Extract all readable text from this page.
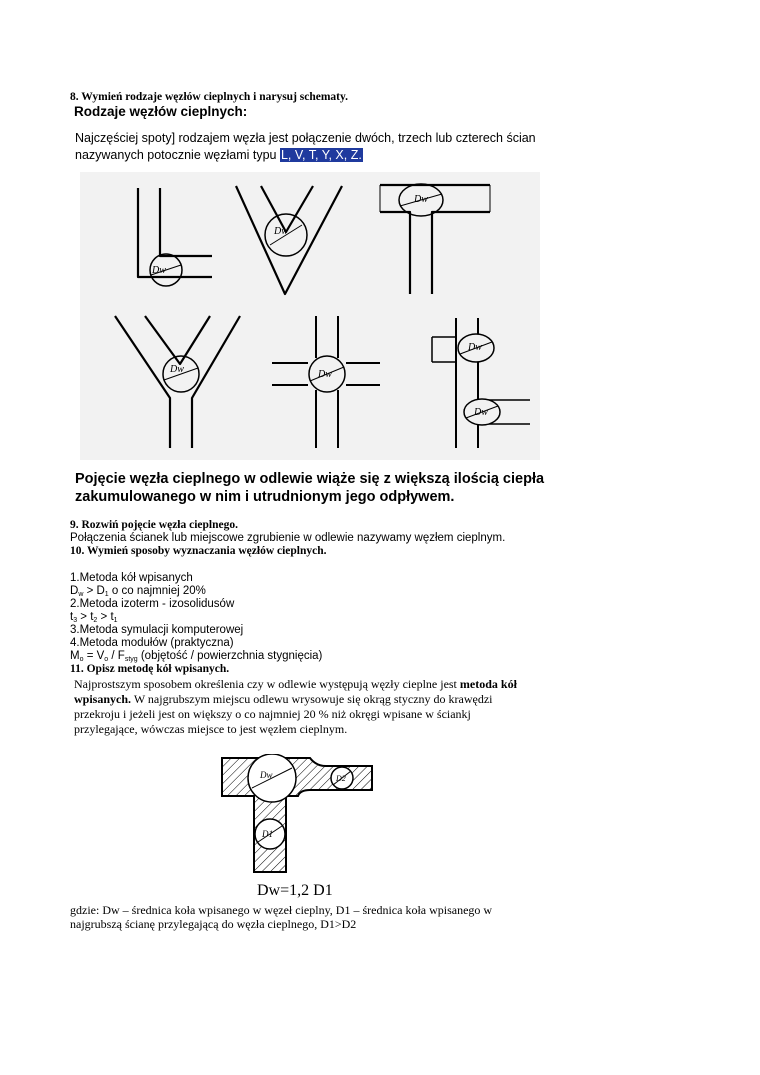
8. Wymień rodzaje węzłów cieplnych i narysuj schematy.
Rodzaje węzłów cieplnych:
Najczęściej spoty] rodzajem węzła jest połączenie dwóch, trzech lub czterech ścian
nazywanych potocznie węzłami typu L, V, T, Y, X, Z.
Dw
Dw
Dw
Dw	Dw
Dw
Dw
Pojęcie węzła cieplnego w odlewie wiąże się z większą ilością ciepła
zakumulowanego w nim i utrudnionym jego odpływem.
9. Rozwiń pojęcie węzła cieplnego.
Połączenia ścianek lub miejscowe zgrubienie w odlewie nazywamy węzłem cieplnym.
10. Wymień sposoby wyznaczania węzłów cieplnych.
1.Metoda kół wpisanych
$D_w > D_1$ o co najmniej 20%
2.Metoda izoterm - izosolidusów
$t_3 > t_2 > t_1$
3.Metoda symulacji komputerowej
4.Metoda modułów (praktyczna)
$M_o = V_o / F_{styg}$ (objętość / powierzchnia stygnięcia)
11. Opisz metodę kół wpisanych.
Najprostszym sposobem określenia czy w odlewie występują węzły cieplne jest metoda kół
wpisanych. W najgrubszym miejscu odlewu wrysowuje się okrąg styczny do krawędzi
przekroju i jeżeli jest on większy o co najmniej 20 % niż okręgi wpisane w ściankj
przylegające, wówczas miejsce to jest węzłem cieplnym.
Dw
D1
D2
Dw=1,2 D1
gdzie: Dw – średnica koła wpisanego w węzeł cieplny, D1 – średnica koła wpisanego w
najgrubszą ścianę przylegającą do węzła cieplnego, D1>D2
